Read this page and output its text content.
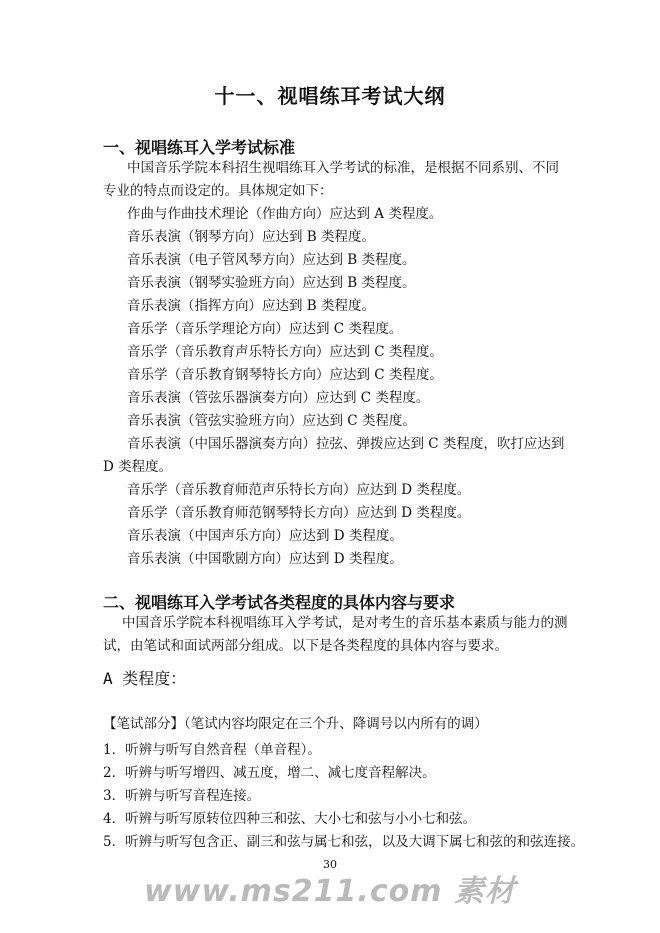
十一、视唱练耳考试大纲
一、视唱练耳入学考试标准
中国音乐学院本科招生视唱练耳入学考试的标准，是根据不同系别、不同
专业的特点而设定的。具体规定如下：
作曲与作曲技术理论（作曲方向）应达到 A 类程度。
音乐表演（钢琴方向）应达到 B 类程度。
音乐表演（电子管风琴方向）应达到 B 类程度。
音乐表演（钢琴实验班方向）应达到 B 类程度。
音乐表演（指挥方向）应达到 B 类程度。
音乐学（音乐学理论方向）应达到 C 类程度。
音乐学（音乐教育声乐特长方向）应达到 C 类程度。
音乐学（音乐教育钢琴特长方向）应达到 C 类程度。
音乐表演（管弦乐器演奏方向）应达到 C 类程度。
音乐表演（管弦实验班方向）应达到 C 类程度。
音乐表演（中国乐器演奏方向）拉弦、弹拨应达到 C 类程度，吹打应达到
D 类程度。
音乐学（音乐教育师范声乐特长方向）应达到 D 类程度。
音乐学（音乐教育师范钢琴特长方向）应达到 D 类程度。
音乐表演（中国声乐方向）应达到 D 类程度。
音乐表演（中国歌剧方向）应达到 D 类程度。
二、视唱练耳入学考试各类程度的具体内容与要求
中国音乐学院本科视唱练耳入学考试，是对考生的音乐基本素质与能力的测
试，由笔试和面试两部分组成。以下是各类程度的具体内容与要求。
A 类程度：
【笔试部分】（笔试内容均限定在三个升、降调号以内所有的调）
1．听辨与听写自然音程（单音程）。
2．听辨与听写增四、减五度，增二、减七度音程解决。
3．听辨与听写音程连接。
4．听辨与听写原转位四种三和弦、大小七和弦与小小七和弦。
5．听辨与听写包含正、副三和弦与属七和弦，以及大调下属七和弦的和弦连接。
30
www.ms211.com 素材
